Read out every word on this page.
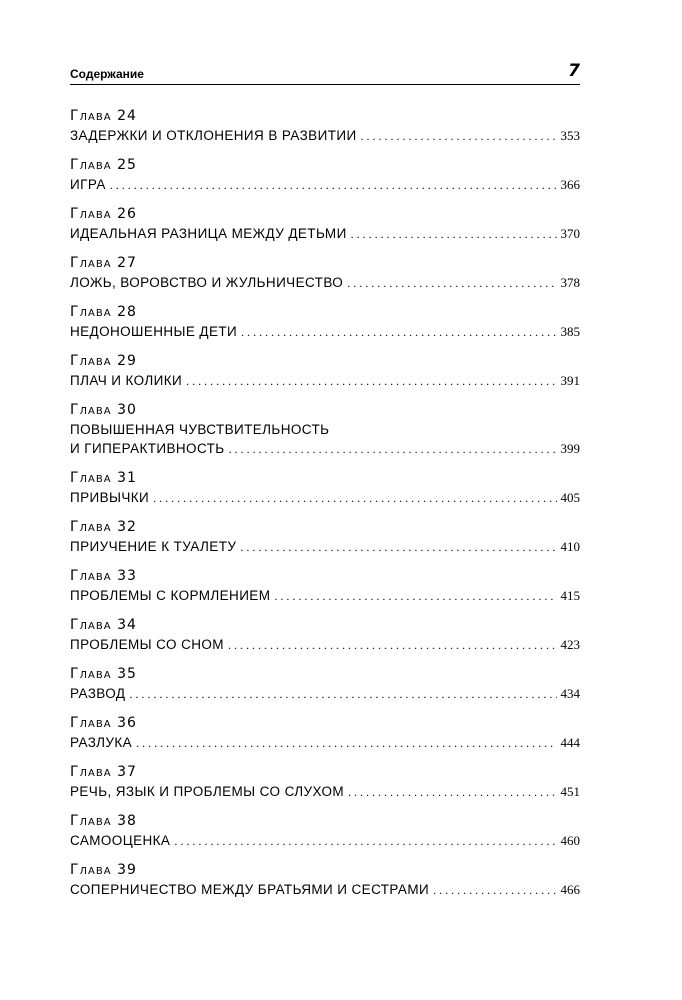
Содержание	7
Глава 24
ЗАДЕРЖКИ И ОТКЛОНЕНИЯ В РАЗВИТИИ . . .	353
Глава 25
ИГРА . . .	366
Глава 26
ИДЕАЛЬНАЯ РАЗНИЦА МЕЖДУ ДЕТЬМИ . . .	370
Глава 27
ЛОЖЬ, ВОРОВСТВО И ЖУЛЬНИЧЕСТВО . . .	378
Глава 28
НЕДОНОШЕННЫЕ ДЕТИ . . .	385
Глава 29
ПЛАЧ И КОЛИКИ . . .	391
Глава 30
ПОВЫШЕННАЯ ЧУВСТВИТЕЛЬНОСТЬ
И ГИПЕРАКТИВНОСТЬ . . .	399
Глава 31
ПРИВЫЧКИ . . .	405
Глава 32
ПРИУЧЕНИЕ К ТУАЛЕТУ . . .	410
Глава 33
ПРОБЛЕМЫ С КОРМЛЕНИЕМ . . .	415
Глава 34
ПРОБЛЕМЫ СО СНОМ . . .	423
Глава 35
РАЗВОД . . .	434
Глава 36
РАЗЛУКА . . .	444
Глава 37
РЕЧЬ, ЯЗЫК И ПРОБЛЕМЫ СО СЛУХОМ . . .	451
Глава 38
САМООЦЕНКА . . .	460
Глава 39
СОПЕРНИЧЕСТВО МЕЖДУ БРАТЬЯМИ И СЕСТРАМИ . . .	466
